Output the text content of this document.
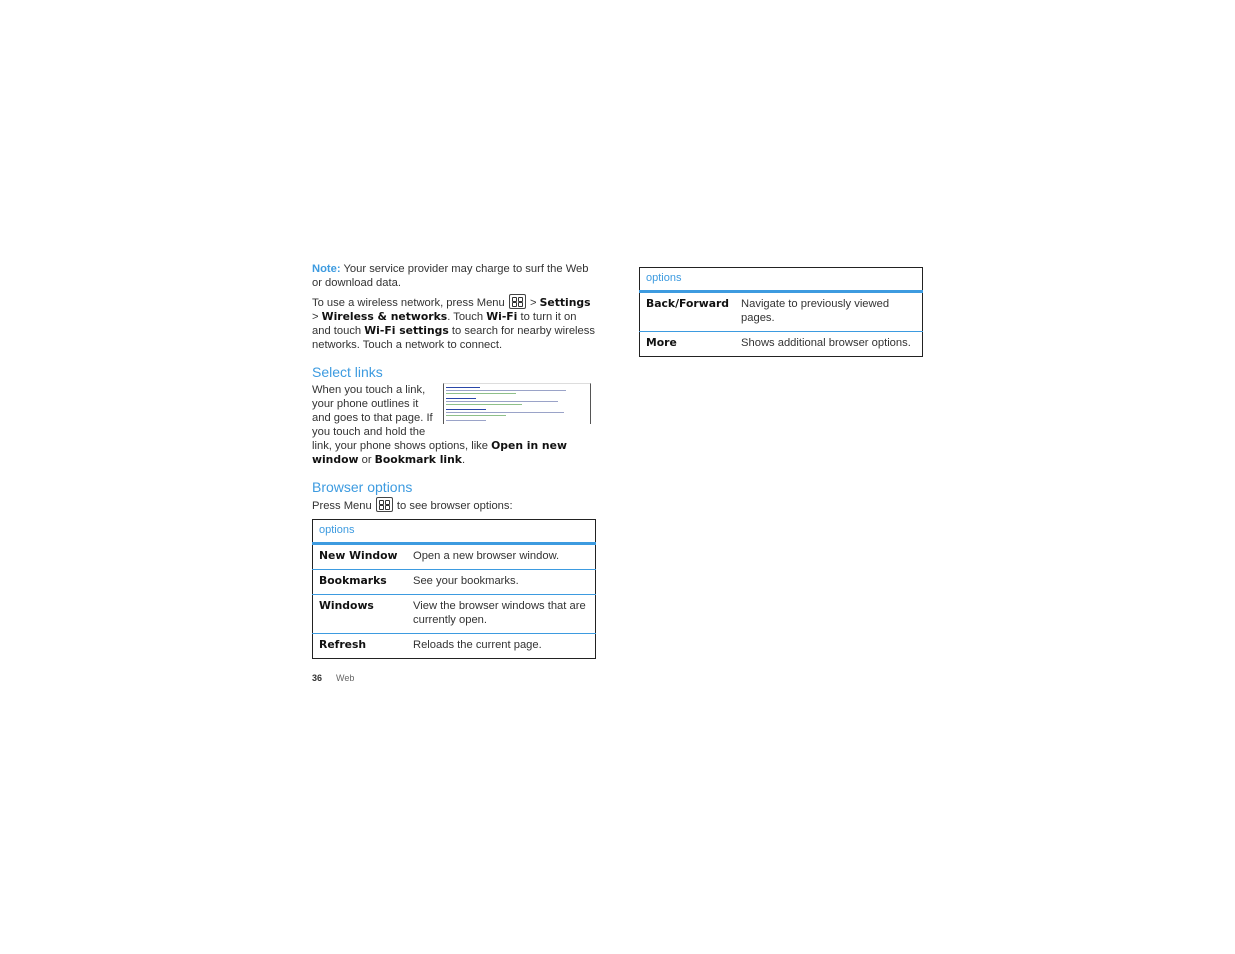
Note: Your service provider may charge to surf the Web or download data.

To use a wireless network, press Menu
> Settings
> Wireless & networks. Touch Wi-Fi to turn it on and touch Wi-Fi settings to search for nearby wireless networks. Touch a network to connect.

Select links

When you touch a link, your phone outlines it and goes to that page. If you touch and hold the link, your phone shows options, like Open in new window or Bookmark link.

Browser options

Press Menu
to see browser options:

options	
New Window	Open a new browser window.
Bookmarks	See your bookmarks.
Windows	View the browser windows that are currently open.
Refresh	Reloads the current page.
options	
Back/Forward	Navigate to previously viewed pages.
More	Shows additional browser options.
36 Web
